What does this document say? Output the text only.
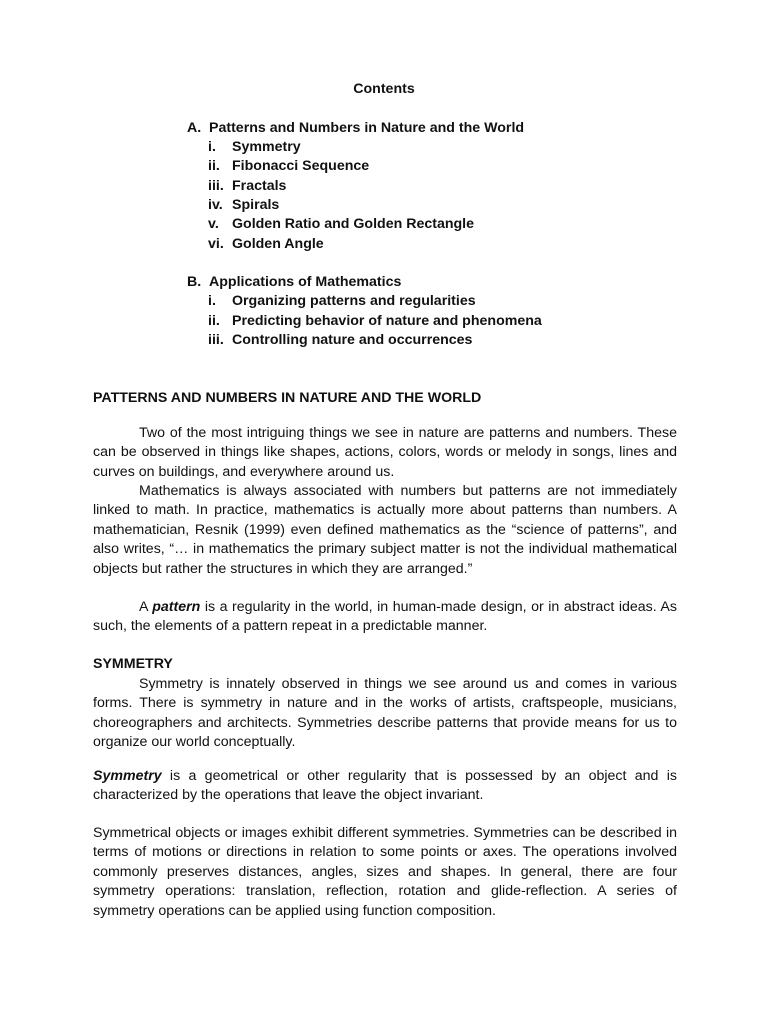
Contents
A. Patterns and Numbers in Nature and the World
i. Symmetry
ii. Fibonacci Sequence
iii. Fractals
iv. Spirals
v. Golden Ratio and Golden Rectangle
vi. Golden Angle
B. Applications of Mathematics
i. Organizing patterns and regularities
ii. Predicting behavior of nature and phenomena
iii. Controlling nature and occurrences
PATTERNS AND NUMBERS IN NATURE AND THE WORLD
Two of the most intriguing things we see in nature are patterns and numbers. These can be observed in things like shapes, actions, colors, words or melody in songs, lines and curves on buildings, and everywhere around us.
Mathematics is always associated with numbers but patterns are not immediately linked to math. In practice, mathematics is actually more about patterns than numbers. A mathematician, Resnik (1999) even defined mathematics as the “science of patterns”, and also writes, “… in mathematics the primary subject matter is not the individual mathematical objects but rather the structures in which they are arranged.”
A pattern is a regularity in the world, in human-made design, or in abstract ideas. As such, the elements of a pattern repeat in a predictable manner.
SYMMETRY
Symmetry is innately observed in things we see around us and comes in various forms. There is symmetry in nature and in the works of artists, craftspeople, musicians, choreographers and architects. Symmetries describe patterns that provide means for us to organize our world conceptually.
Symmetry is a geometrical or other regularity that is possessed by an object and is characterized by the operations that leave the object invariant.
Symmetrical objects or images exhibit different symmetries. Symmetries can be described in terms of motions or directions in relation to some points or axes. The operations involved commonly preserves distances, angles, sizes and shapes. In general, there are four symmetry operations: translation, reflection, rotation and glide-reflection. A series of symmetry operations can be applied using function composition.
